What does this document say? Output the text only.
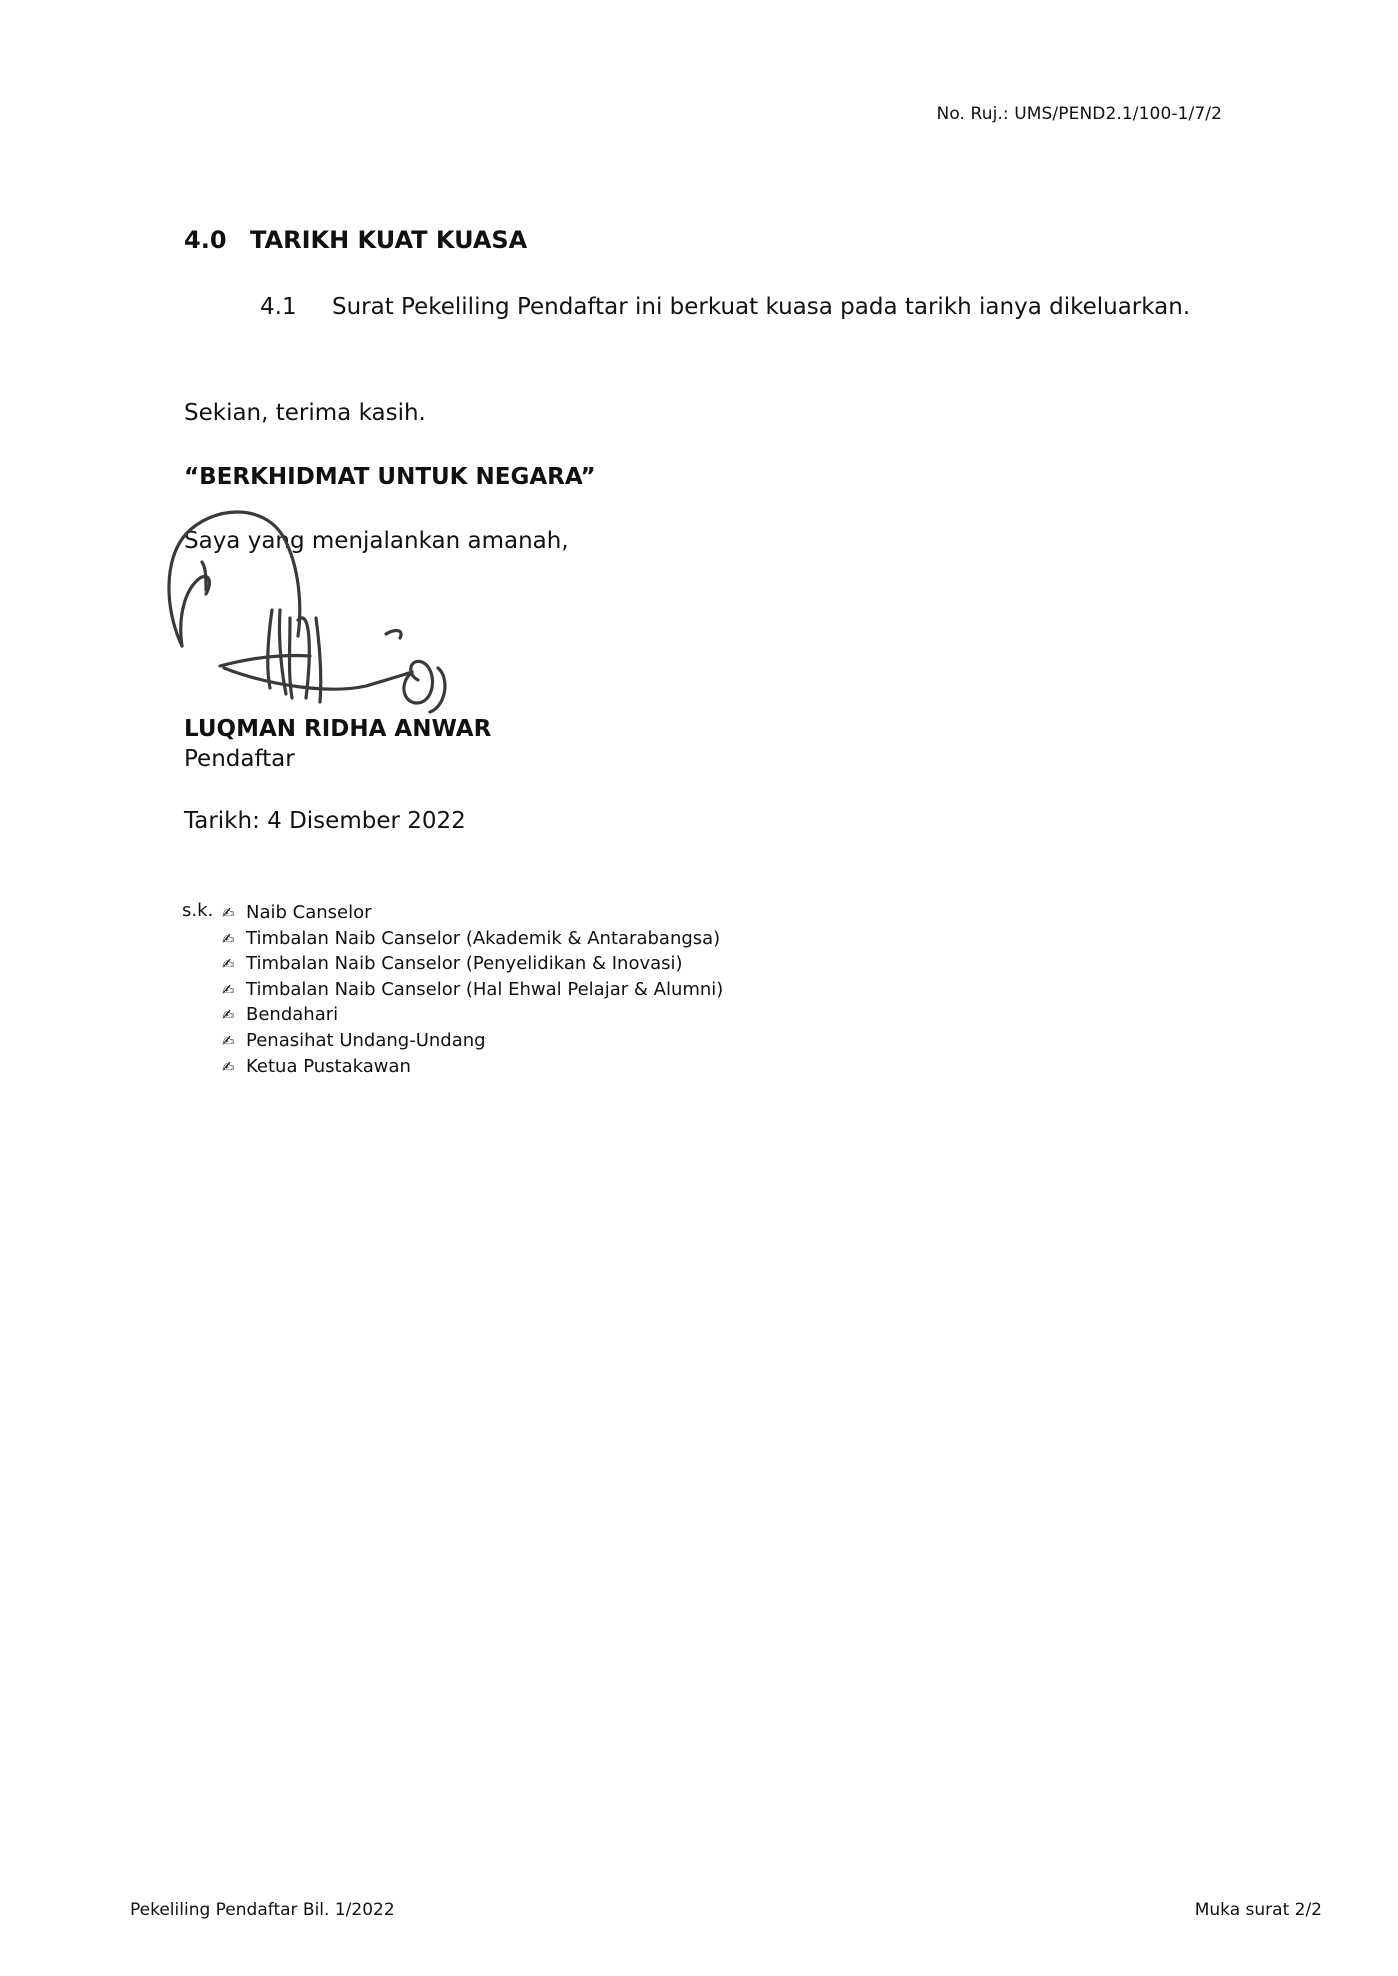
No. Ruj.: UMS/PEND2.1/100-1/7/2
4.0 TARIKH KUAT KUASA
4.1 Surat Pekeliling Pendaftar ini berkuat kuasa pada tarikh ianya dikeluarkan.
Sekian, terima kasih.
“BERKHIDMAT UNTUK NEGARA”
Saya yang menjalankan amanah,
LUQMAN RIDHA ANWAR
Pendaftar
Tarikh: 4 Disember 2022
s.k. ✍ Naib Canselor
✍ Timbalan Naib Canselor (Akademik & Antarabangsa)
✍ Timbalan Naib Canselor (Penyelidikan & Inovasi)
✍ Timbalan Naib Canselor (Hal Ehwal Pelajar & Alumni)
✍ Bendahari
✍ Penasihat Undang-Undang
✍ Ketua Pustakawan
Pekeliling Pendaftar Bil. 1/2022	Muka surat 2/2
